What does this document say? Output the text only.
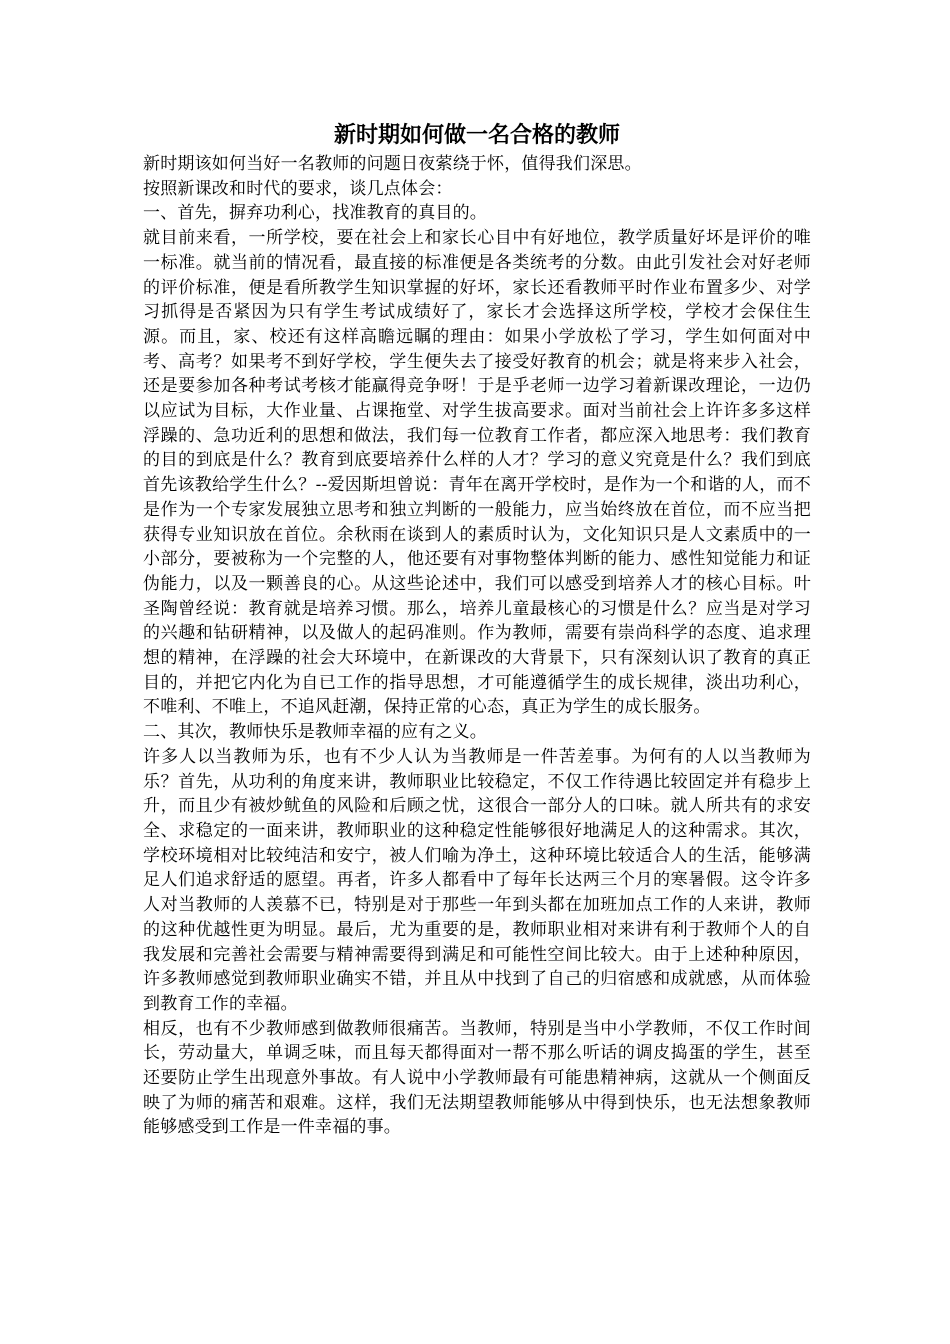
新时期如何做一名合格的教师

新时期该如何当好一名教师的问题日夜萦绕于怀，值得我们深思。

按照新课改和时代的要求，谈几点体会：

一、首先，摒弃功利心，找准教育的真目的。

就目前来看，一所学校，要在社会上和家长心目中有好地位，教学质量好坏是评价的唯一标准。就当前的情况看，最直接的标准便是各类统考的分数。由此引发社会对好老师的评价标准，便是看所教学生知识掌握的好坏，家长还看教师平时作业布置多少、对学习抓得是否紧因为只有学生考试成绩好了，家长才会选择这所学校，学校才会保住生源。而且，家、校还有这样高瞻远瞩的理由：如果小学放松了学习，学生如何面对中考、高考？如果考不到好学校，学生便失去了接受好教育的机会；就是将来步入社会，还是要参加各种考试考核才能赢得竞争呀！于是乎老师一边学习着新课改理论，一边仍以应试为目标，大作业量、占课拖堂、对学生拔高要求。面对当前社会上许许多多这样浮躁的、急功近利的思想和做法，我们每一位教育工作者，都应深入地思考：我们教育的目的到底是什么？教育到底要培养什么样的人才？学习的意义究竟是什么？我们到底首先该教给学生什么？--爱因斯坦曾说：青年在离开学校时，是作为一个和谐的人，而不是作为一个专家发展独立思考和独立判断的一般能力，应当始终放在首位，而不应当把获得专业知识放在首位。余秋雨在谈到人的素质时认为，文化知识只是人文素质中的一小部分，要被称为一个完整的人，他还要有对事物整体判断的能力、感性知觉能力和证伪能力，以及一颗善良的心。从这些论述中，我们可以感受到培养人才的核心目标。叶圣陶曾经说：教育就是培养习惯。那么，培养儿童最核心的习惯是什么？应当是对学习的兴趣和钻研精神，以及做人的起码准则。作为教师，需要有崇尚科学的态度、追求理想的精神，在浮躁的社会大环境中，在新课改的大背景下，只有深刻认识了教育的真正目的，并把它内化为自已工作的指导思想，才可能遵循学生的成长规律，淡出功利心，不唯利、不唯上，不追风赶潮，保持正常的心态，真正为学生的成长服务。

二、其次，教师快乐是教师幸福的应有之义。

许多人以当教师为乐，也有不少人认为当教师是一件苦差事。为何有的人以当教师为乐？首先，从功利的角度来讲，教师职业比较稳定，不仅工作待遇比较固定并有稳步上升，而且少有被炒鱿鱼的风险和后顾之忧，这很合一部分人的口味。就人所共有的求安全、求稳定的一面来讲，教师职业的这种稳定性能够很好地满足人的这种需求。其次，学校环境相对比较纯洁和安宁，被人们喻为净土，这种环境比较适合人的生活，能够满足人们追求舒适的愿望。再者，许多人都看中了每年长达两三个月的寒暑假。这令许多人对当教师的人羡慕不已，特别是对于那些一年到头都在加班加点工作的人来讲，教师的这种优越性更为明显。最后，尤为重要的是，教师职业相对来讲有利于教师个人的自我发展和完善社会需要与精神需要得到满足和可能性空间比较大。由于上述种种原因，许多教师感觉到教师职业确实不错，并且从中找到了自己的归宿感和成就感，从而体验到教育工作的幸福。

相反，也有不少教师感到做教师很痛苦。当教师，特别是当中小学教师，不仅工作时间长，劳动量大，单调乏味，而且每天都得面对一帮不那么听话的调皮捣蛋的学生，甚至还要防止学生出现意外事故。有人说中小学教师最有可能患精神病，这就从一个侧面反映了为师的痛苦和艰难。这样，我们无法期望教师能够从中得到快乐，也无法想象教师能够感受到工作是一件幸福的事。
